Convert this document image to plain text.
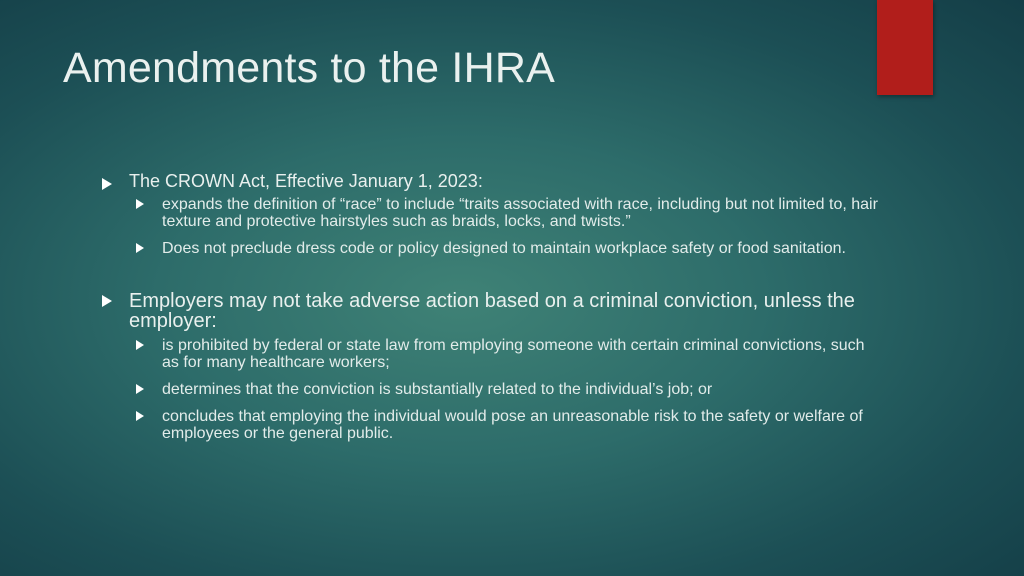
Amendments to the IHRA
The CROWN Act, Effective January 1, 2023:
expands the definition of “race” to include “traits associated with race, including but not limited to, hair texture and protective hairstyles such as braids, locks, and twists.”
Does not preclude dress code or policy designed to maintain workplace safety or food sanitation.
Employers may not take adverse action based on a criminal conviction, unless the employer:
is prohibited by federal or state law from employing someone with certain criminal convictions, such as for many healthcare workers;
determines that the conviction is substantially related to the individual’s job; or
concludes that employing the individual would pose an unreasonable risk to the safety or welfare of employees or the general public.
